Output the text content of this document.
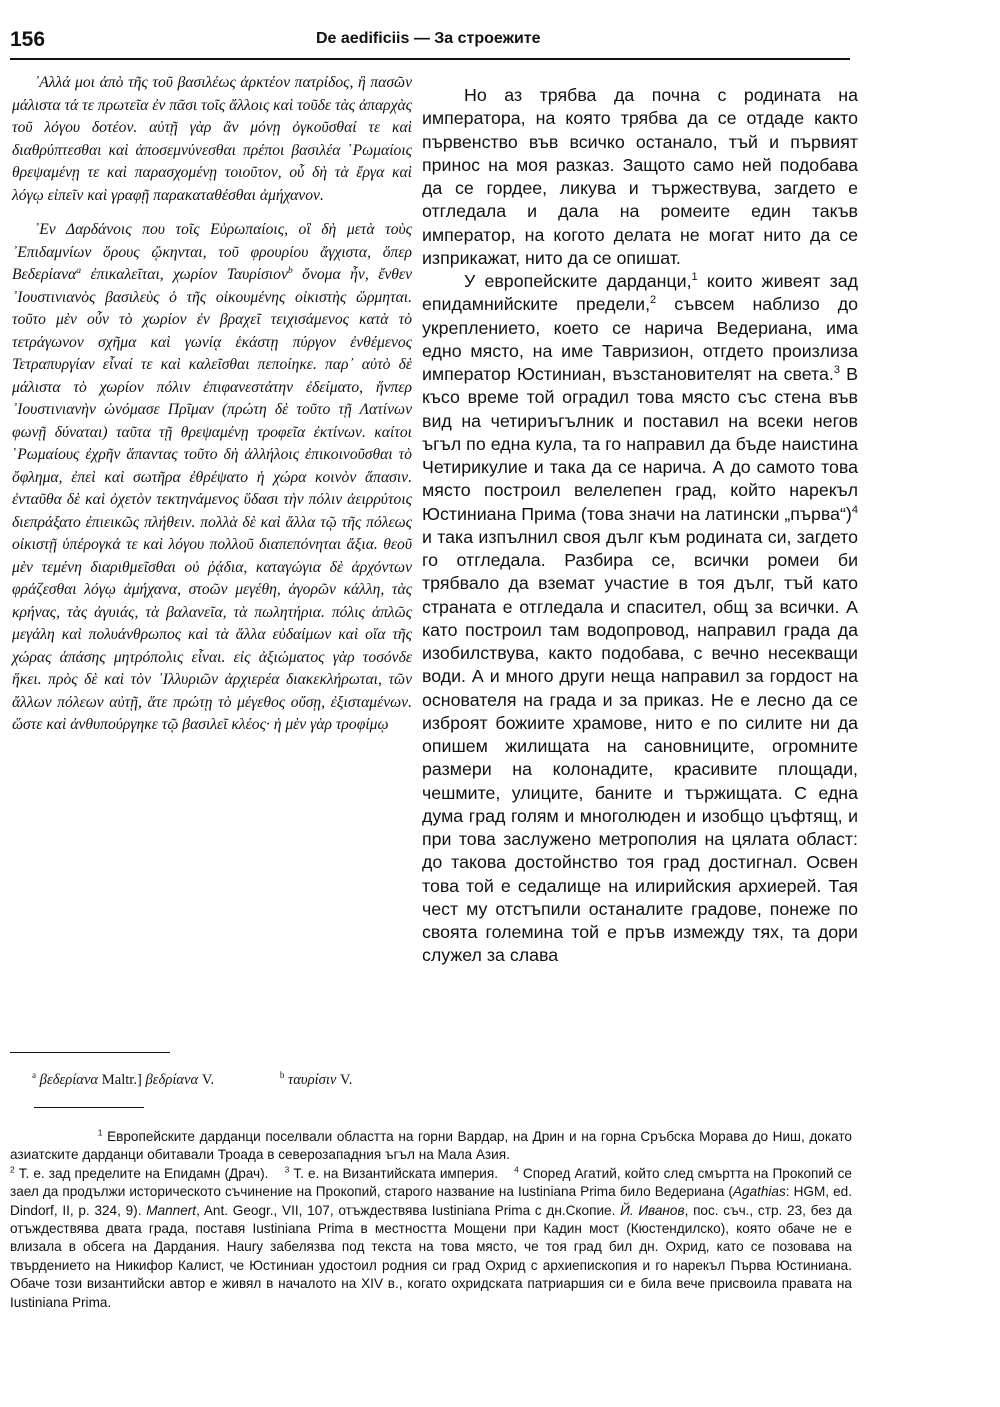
156	De aedificiis — За строежите

᾽Αλλά μοι ἀπὸ τῆς τοῦ βασιλέως ἀρκτέον πατρίδος, ἣ πασῶν μάλιστα τά τε πρωτεῖα ἐν πᾶσι τοῖς ἄλλοις καὶ τοῦδε τὰς ἀπαρχὰς τοῦ λόγου δοτέον. αὐτῇ γὰρ ἂν μόνῃ ὀγκοῦσθαί τε καὶ διαθρύπτεσθαι καὶ ἀποσεμνύνεσθαι πρέποι βασιλέα ῾Ρωμαίοις θρεψαμένῃ τε καὶ παρασχομένῃ τοιοῦτον, οὗ δὴ τὰ ἔργα καὶ λόγῳ εἰπεῖν καὶ γραφῇ παρακαταθέσθαι ἀμήχανον.

᾽Εν Δαρδάνοις που τοῖς Εὐρωπαίοις, οἳ δὴ μετὰ τοὺς ᾽Επιδαμνίων ὅρους ᾤκηνται, τοῦ φρουρίου ἄγχιστα, ὅπερ Βεδερίανα$^a$ ἐπικαλεῖται, χωρίον Ταυρίσιον$^b$ ὄνομα ἦν, ἔνθεν ᾽Ιουστινιανὸς βασιλεὺς ὁ τῆς οἰκουμένης οἰκιστὴς ὥρμηται. τοῦτο μὲν οὖν τὸ χωρίον ἐν βραχεῖ τειχισάμενος κατὰ τὸ τετράγωνον σχῆμα καὶ γωνίᾳ ἑκάστῃ πύργον ἐνθέμενος Τετραπυργίαν εἶναί τε καὶ καλεῖσθαι πεποίηκε. παρ᾽ αὐτὸ δὲ μάλιστα τὸ χωρίον πόλιν ἐπιφανεστάτην ἐδείματο, ἥνπερ ᾽Ιουστινιανὴν ὠνόμασε Πρῖμαν (πρώτη δὲ τοῦτο τῇ Λατίνων φωνῇ δύναται) ταῦτα τῇ θρεψαμένῃ τροφεῖα ἐκτίνων. καίτοι ῾Ρωμαίους ἐχρῆν ἅπαντας τοῦτο δὴ ἀλλήλοις ἐπικοινοῦσθαι τὸ ὄφλημα, ἐπεὶ καὶ σωτῆρα ἐθρέψατο ἡ χώρα κοινὸν ἅπασιν. ἐνταῦθα δὲ καὶ ὀχετὸν τεκτηνάμενος ὕδασι τὴν πόλιν ἀειρρύτοις διεπράξατο ἐπιεικῶς πλήθειν. πολλὰ δὲ καὶ ἄλλα τῷ τῆς πόλεως οἰκιστῇ ὑπέρογκά τε καὶ λόγου πολλοῦ διαπεπόνηται ἄξια. θεοῦ μὲν τεμένη διαριθμεῖσθαι οὐ ῥᾴδια, καταγώγια δὲ ἀρχόντων φράζεσθαι λόγῳ ἀμήχανα, στοῶν μεγέθη, ἀγορῶν κάλλη, τὰς κρήνας, τὰς ἀγυιάς, τὰ βαλανεῖα, τὰ πωλητήρια. πόλις ἁπλῶς μεγάλη καὶ πολυάνθρωπος καὶ τὰ ἄλλα εὐδαίμων καὶ οἵα τῆς χώρας ἁπάσης μητρόπολις εἶναι. εἰς ἀξιώματος γὰρ τοσόνδε ἥκει. πρὸς δὲ καὶ τὸν ᾽Ιλλυριῶν ἀρχιερέα διακεκλήρωται, τῶν ἄλλων πόλεων αὐτῇ, ἅτε πρώτῃ τὸ μέγεθος οὔσῃ, ἐξισταμένων. ὥστε καὶ ἀνθυπούργηκε τῷ βασιλεῖ κλέος· ἡ μὲν γὰρ τροφίμῳ

Но аз трябва да почна с родината на императора, на която трябва да се отдаде както първенство във всичко останало, тъй и първият принос на моя разказ. Защото само ней подобава да се гордее, ликува и тържествува, загдето е отгледала и дала на ромеите един такъв император, на когото делата не могат нито да се изприкажат, нито да се опишат.

У европейските дарданци,$^1$ които живеят зад епидамнийските предели,$^2$ съвсем наблизо до укреплението, което се нарича Ведериана, има едно място, на име Тавризион, отгдето произлиза император Юстиниан, възстановителят на света.$^3$ В късо време той оградил това място със стена във вид на четириъгълник и поставил на всеки негов ъгъл по една кула, та го направил да бъде наистина Четирикулие и така да се нарича. А до самото това място построил велелепен град, който нарекъл Юстиниана Прима (това значи на латински „първа“)$^4$ и така изпълнил своя дълг към родината си, загдето го отгледала. Разбира се, всички ромеи би трябвало да вземат участие в тоя дълг, тъй като страната е отгледала и спасител, общ за всички. А като построил там водопровод, направил града да изобилствува, както подобава, с вечно несекващи води. А и много други неща направил за гордост на основателя на града и за приказ. Не е лесно да се изброят божиите храмове, нито е по силите ни да опишем жилищата на сановниците, огромните размери на колонадите, красивите площади, чешмите, улиците, баните и тържищата. С една дума град голям и многолюден и изобщо цъфтящ, и при това заслужено метрополия на цялата област: до такова достойнство тоя град достигнал. Освен това той е седалище на илирийския архиерей. Тая чест му отстъпили останалите градове, понеже по своята големина той е пръв измежду тях, та дори служел за слава

$^a$ βεδερίανα Maltr.] βεδρίανα V.	$^b$ ταυρίσιν V.

$^1$ Европейските дарданци поселвали областта на горни Вардар, на Дрин и на горна Сръбска Морава до Ниш, докато азиатските дарданци обитавали Троада в северозападния ъгъл на Мала Азия.

$^2$ Т. е. зад пределите на Епидамн (Драч). $^3$ Т. е. на Византийската империя. $^4$ Според Агатий, който след смъртта на Прокопий се заел да продължи историческото съчинение на Прокопий, старого название на Iustiniana Prima било Ведериана (Agathias: HGM, ed. Dindorf, II, p. 324, 9). Mannert, Ant. Geogr., VII, 107, отъждествява Iustiniana Prima с дн.Скопие. Й. Иванов, пос. съч., стр. 23, без да отъждествява двата града, поставя Iustiniana Prima в местността Мощени при Кадин мост (Кюстендилско), която обаче не е влизала в обсега на Дардания. Haury забелязва под текста на това място, че тоя град бил дн. Охрид, като се позовава на твърдението на Никифор Калист, че Юстиниан удостоил родния си град Охрид с архиепископия и го нарекъл Първа Юстиниана. Обаче този византийски автор е живял в началото на XIV в., когато охридската патриаршия си е била вече присвоила правата на Iustiniana Prima.
